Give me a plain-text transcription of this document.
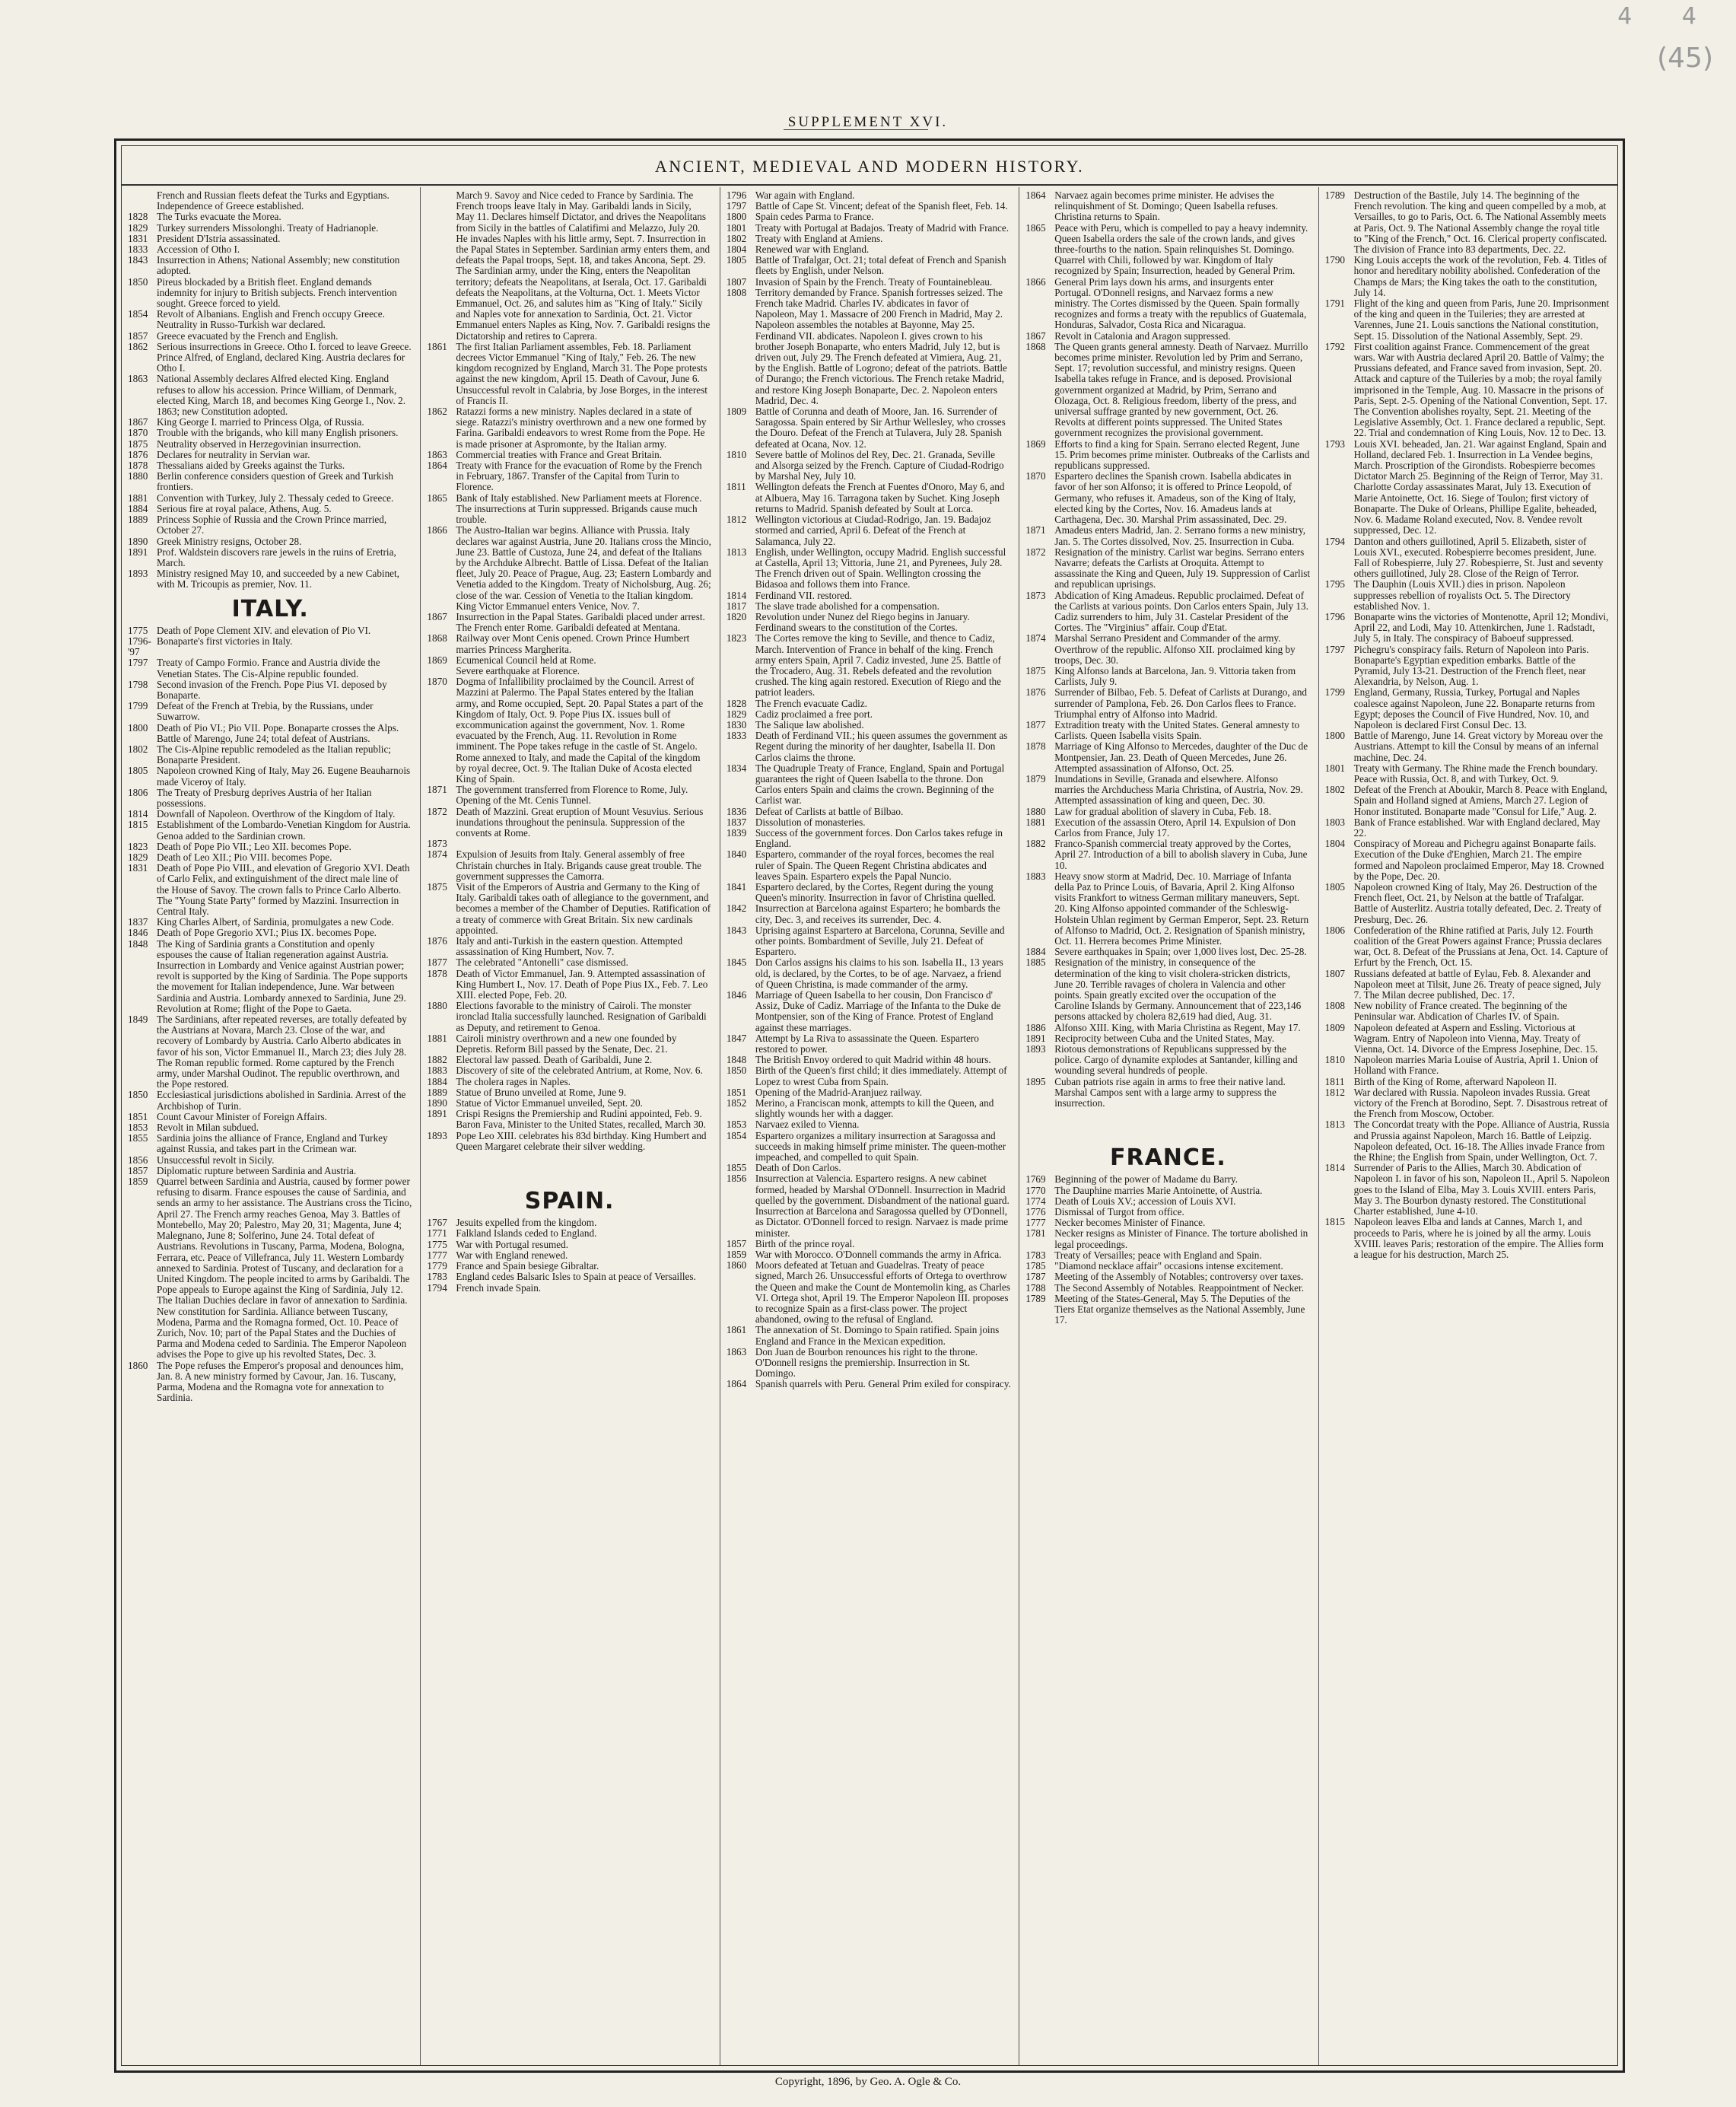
4 4
(45)
SUPPLEMENT XVI.
ANCIENT, MEDIEVAL AND MODERN HISTORY.
French and Russian fleets defeat the Turks and Egyptians.
Independence of Greece established.
1828 The Turks evacuate the Morea.
1829 Turkey surrenders Missolonghi. Treaty of Hadrianople.
1831 President D'Istria assassinated.
1833 Accession of Otho I.
1843 Insurrection in Athens; National Assembly; new constitution adopted.
1850 Pireus blockaded by a British fleet. England demands indemnity for injury to British subjects. French intervention sought. Greece forced to yield.
1854 Revolt of Albanians. English and French occupy Greece. Neutrality in Russo-Turkish war declared.
1857 Greece evacuated by the French and English.
1862 Serious insurrections in Greece. Otho I. forced to leave Greece. Prince Alfred, of England, declared King. Austria declares for Otho I.
1863 National Assembly declares Alfred elected King. England refuses to allow his accession. Prince William, of Denmark, elected King, March 18, and becomes King George I., Nov. 2. 1863; new Constitution adopted.
1867 King George I. married to Princess Olga, of Russia.
1870 Trouble with the brigands, who kill many English prisoners.
1875 Neutrality observed in Herzegovinian insurrection.
1876 Declares for neutrality in Servian war.
1878 Thessalians aided by Greeks against the Turks.
1880 Berlin conference considers question of Greek and Turkish frontiers.
1881 Convention with Turkey, July 2. Thessaly ceded to Greece.
1884 Serious fire at royal palace, Athens, Aug. 5.
1889 Princess Sophie of Russia and the Crown Prince married, October 27.
1890 Greek Ministry resigns, October 28.
1891 Prof. Waldstein discovers rare jewels in the ruins of Eretria, March.
1893 Ministry resigned May 10, and succeeded by a new Cabinet, with M. Tricoupis as premier, Nov. 11.
ITALY.
1775 Death of Pope Clement XIV. and elevation of Pio VI.
1796-'97
Bonaparte's first victories in Italy.
1797 Treaty of Campo Formio. France and Austria divide the Venetian States. The Cis-Alpine republic founded.
1798 Second invasion of the French. Pope Pius VI. deposed by Bonaparte.
1799 Defeat of the French at Trebia, by the Russians, under Suwarrow.
1800 Death of Pio VI.; Pio VII. Pope. Bonaparte crosses the Alps. Battle of Marengo, June 24; total defeat of Austrians.
1802 The Cis-Alpine republic remodeled as the Italian republic; Bonaparte President.
1805 Napoleon crowned King of Italy, May 26. Eugene Beauharnois made Viceroy of Italy.
1806 The Treaty of Presburg deprives Austria of her Italian possessions.
1814 Downfall of Napoleon. Overthrow of the Kingdom of Italy.
1815 Establishment of the Lombardo-Venetian Kingdom for Austria. Genoa added to the Sardinian crown.
1823 Death of Pope Pio VII.; Leo XII. becomes Pope.
1829 Death of Leo XII.; Pio VIII. becomes Pope.
1831 Death of Pope Pio VIII., and elevation of Gregorio XVI. Death of Carlo Felix, and extinguishment of the direct male line of the House of Savoy. The crown falls to Prince Carlo Alberto. The "Young State Party" formed by Mazzini. Insurrection in Central Italy.
1837 King Charles Albert, of Sardinia, promulgates a new Code.
1846 Death of Pope Gregorio XVI.; Pius IX. becomes Pope.
1848 The King of Sardinia grants a Constitution and openly espouses the cause of Italian regeneration against Austria. Insurrection in Lombardy and Venice against Austrian power; revolt is supported by the King of Sardinia. The Pope supports the movement for Italian independence, June. War between Sardinia and Austria. Lombardy annexed to Sardinia, June 29. Revolution at Rome; flight of the Pope to Gaeta.
1849 The Sardinians, after repeated reverses, are totally defeated by the Austrians at Novara, March 23. Close of the war, and recovery of Lombardy by Austria. Carlo Alberto abdicates in favor of his son, Victor Emmanuel II., March 23; dies July 28. The Roman republic formed. Rome captured by the French army, under Marshal Oudinot. The republic overthrown, and the Pope restored.
1850 Ecclesiastical jurisdictions abolished in Sardinia. Arrest of the Archbishop of Turin.
1851 Count Cavour Minister of Foreign Affairs.
1853 Revolt in Milan subdued.
1855 Sardinia joins the alliance of France, England and Turkey against Russia, and takes part in the Crimean war.
1856 Unsuccessful revolt in Sicily.
1857 Diplomatic rupture between Sardinia and Austria.
1859 Quarrel between Sardinia and Austria, caused by former power refusing to disarm. France espouses the cause of Sardinia, and sends an army to her assistance. The Austrians cross the Ticino, April 27. The French army reaches Genoa, May 3. Battles of Montebello, May 20; Palestro, May 20, 31; Magenta, June 4; Malegnano, June 8; Solferino, June 24. Total defeat of Austrians. Revolutions in Tuscany, Parma, Modena, Bologna, Ferrara, etc. Peace of Villefranca, July 11. Western Lombardy annexed to Sardinia. Protest of Tuscany, and declaration for a United Kingdom. The people incited to arms by Garibaldi. The Pope appeals to Europe against the King of Sardinia, July 12. The Italian Duchies declare in favor of annexation to Sardinia. New constitution for Sardinia. Alliance between Tuscany, Modena, Parma and the Romagna formed, Oct. 10. Peace of Zurich, Nov. 10; part of the Papal States and the Duchies of Parma and Modena ceded to Sardinia. The Emperor Napoleon advises the Pope to give up his revolted States, Dec. 3.
1860 The Pope refuses the Emperor's proposal and denounces him, Jan. 8. A new ministry formed by Cavour, Jan. 16. Tuscany, Parma, Modena and the Romagna vote for annexation to Sardinia.
March 9. Savoy and Nice ceded to France by Sardinia. The French troops leave Italy in May. Garibaldi lands in Sicily, May 11. Declares himself Dictator, and drives the Neapolitans from Sicily in the battles of Calatifimi and Melazzo, July 20. He invades Naples with his little army, Sept. 7. Insurrection in the Papal States in September. Sardinian army enters them, and defeats the Papal troops, Sept. 18, and takes Ancona, Sept. 29. The Sardinian army, under the King, enters the Neapolitan territory; defeats the Neapolitans, at Iserala, Oct. 17. Garibaldi defeats the Neapolitans, at the Volturna, Oct. 1. Meets Victor Emmanuel, Oct. 26, and salutes him as "King of Italy." Sicily and Naples vote for annexation to Sardinia, Oct. 21. Victor Emmanuel enters Naples as King, Nov. 7. Garibaldi resigns the Dictatorship and retires to Caprera.
1861 The first Italian Parliament assembles, Feb. 18. Parliament decrees Victor Emmanuel "King of Italy," Feb. 26. The new kingdom recognized by England, March 31. The Pope protests against the new kingdom, April 15. Death of Cavour, June 6. Unsuccessful revolt in Calabria, by Jose Borges, in the interest of Francis II.
1862 Ratazzi forms a new ministry. Naples declared in a state of siege. Ratazzi's ministry overthrown and a new one formed by Farina. Garibaldi endeavors to wrest Rome from the Pope. He is made prisoner at Aspromonte, by the Italian army.
1863 Commercial treaties with France and Great Britain.
1864 Treaty with France for the evacuation of Rome by the French in February, 1867. Transfer of the Capital from Turin to Florence.
1865 Bank of Italy established. New Parliament meets at Florence. The insurrections at Turin suppressed. Brigands cause much trouble.
1866 The Austro-Italian war begins. Alliance with Prussia. Italy declares war against Austria, June 20. Italians cross the Mincio, June 23. Battle of Custoza, June 24, and defeat of the Italians by the Archduke Albrecht. Battle of Lissa. Defeat of the Italian fleet, July 20. Peace of Prague, Aug. 23; Eastern Lombardy and Venetia added to the Kingdom. Treaty of Nicholsburg, Aug. 26; close of the war. Cession of Venetia to the Italian kingdom. King Victor Emmanuel enters Venice, Nov. 7.
1867 Insurrection in the Papal States. Garibaldi placed under arrest. The French enter Rome. Garibaldi defeated at Mentana.
1868 Railway over Mont Cenis opened. Crown Prince Humbert marries Princess Margherita.
1869 Ecumenical Council held at Rome.
Severe earthquake at Florence.
1870 Dogma of Infallibility proclaimed by the Council. Arrest of Mazzini at Palermo. The Papal States entered by the Italian army, and Rome occupied, Sept. 20. Papal States a part of the Kingdom of Italy, Oct. 9. Pope Pius IX. issues bull of excommunication against the government, Nov. 1. Rome evacuated by the French, Aug. 11. Revolution in Rome imminent. The Pope takes refuge in the castle of St. Angelo. Rome annexed to Italy, and made the Capital of the kingdom by royal decree, Oct. 9. The Italian Duke of Acosta elected King of Spain.
1871 The government transferred from Florence to Rome, July. Opening of the Mt. Cenis Tunnel.
1872 Death of Mazzini. Great eruption of Mount Vesuvius. Serious inundations throughout the peninsula. Suppression of the convents at Rome.
1873
1874 Expulsion of Jesuits from Italy. General assembly of free Christain churches in Italy. Brigands cause great trouble. The government suppresses the Camorra.
1875 Visit of the Emperors of Austria and Germany to the King of Italy. Garibaldi takes oath of allegiance to the government, and becomes a member of the Chamber of Deputies. Ratification of a treaty of commerce with Great Britain. Six new cardinals appointed.
1876 Italy and anti-Turkish in the eastern question. Attempted assassination of King Humbert, Nov. 7.
1877 The celebrated "Antonelli" case dismissed.
1878 Death of Victor Emmanuel, Jan. 9. Attempted assassination of King Humbert I., Nov. 17. Death of Pope Pius IX., Feb. 7. Leo XIII. elected Pope, Feb. 20.
1880 Elections favorable to the ministry of Cairoli. The monster ironclad Italia successfully launched. Resignation of Garibaldi as Deputy, and retirement to Genoa.
1881 Cairoli ministry overthrown and a new one founded by Depretis. Reform Bill passed by the Senate, Dec. 21.
1882 Electoral law passed. Death of Garibaldi, June 2.
1883 Discovery of site of the celebrated Antrium, at Rome, Nov. 6.
1884 The cholera rages in Naples.
1889 Statue of Bruno unveiled at Rome, June 9.
1890 Statue of Victor Emmanuel unveiled, Sept. 20.
1891 Crispi Resigns the Premiership and Rudini appointed, Feb. 9. Baron Fava, Minister to the United States, recalled, March 30.
1893 Pope Leo XIII. celebrates his 83d birthday. King Humbert and Queen Margaret celebrate their silver wedding.
SPAIN.
1767 Jesuits expelled from the kingdom.
1771 Falkland Islands ceded to England.
1775 War with Portugal resumed.
1777 War with England renewed.
1779 France and Spain besiege Gibraltar.
1783 England cedes Balsaric Isles to Spain at peace of Versailles.
1794 French invade Spain.
1796 War again with England.
1797 Battle of Cape St. Vincent; defeat of the Spanish fleet, Feb. 14.
1800 Spain cedes Parma to France.
1801 Treaty with Portugal at Badajos. Treaty of Madrid with France.
1802 Treaty with England at Amiens.
1804 Renewed war with England.
1805 Battle of Trafalgar, Oct. 21; total defeat of French and Spanish fleets by English, under Nelson.
1807 Invasion of Spain by the French. Treaty of Fountainebleau.
1808 Territory demanded by France. Spanish fortresses seized. The French take Madrid. Charles IV. abdicates in favor of Napoleon, May 1. Massacre of 200 French in Madrid, May 2. Napoleon assembles the notables at Bayonne, May 25. Ferdinand VII. abdicates. Napoleon I. gives crown to his brother Joseph Bonaparte, who enters Madrid, July 12, but is driven out, July 29. The French defeated at Vimiera, Aug. 21, by the English. Battle of Logrono; defeat of the patriots. Battle of Durango; the French victorious. The French retake Madrid, and restore King Joseph Bonaparte, Dec. 2. Napoleon enters Madrid, Dec. 4.
1809 Battle of Corunna and death of Moore, Jan. 16. Surrender of Saragossa. Spain entered by Sir Arthur Wellesley, who crosses the Douro. Defeat of the French at Tulavera, July 28. Spanish defeated at Ocana, Nov. 12.
1810 Severe battle of Molinos del Rey, Dec. 21. Granada, Seville and Alsorga seized by the French. Capture of Ciudad-Rodrigo by Marshal Ney, July 10.
1811 Wellington defeats the French at Fuentes d'Onoro, May 6, and at Albuera, May 16. Tarragona taken by Suchet. King Joseph returns to Madrid. Spanish defeated by Soult at Lorca.
1812 Wellington victorious at Ciudad-Rodrigo, Jan. 19. Badajoz stormed and carried, April 6. Defeat of the French at Salamanca, July 22.
1813 English, under Wellington, occupy Madrid. English successful at Castella, April 13; Vittoria, June 21, and Pyrenees, July 28. The French driven out of Spain. Wellington crossing the Bidasoa and follows them into France.
1814 Ferdinand VII. restored.
1817 The slave trade abolished for a compensation.
1820 Revolution under Nunez del Riego begins in January. Ferdinand swears to the constitution of the Cortes.
1823 The Cortes remove the king to Seville, and thence to Cadiz, March. Intervention of France in behalf of the king. French army enters Spain, April 7. Cadiz invested, June 25. Battle of the Trocadero, Aug. 31. Rebels defeated and the revolution crushed. The king again restored. Execution of Riego and the patriot leaders.
1828 The French evacuate Cadiz.
1829 Cadiz proclaimed a free port.
1830 The Salique law abolished.
1833 Death of Ferdinand VII.; his queen assumes the government as Regent during the minority of her daughter, Isabella II. Don Carlos claims the throne.
1834 The Quadruple Treaty of France, England, Spain and Portugal guarantees the right of Queen Isabella to the throne. Don Carlos enters Spain and claims the crown. Beginning of the Carlist war.
1836 Defeat of Carlists at battle of Bilbao.
1837 Dissolution of monasteries.
1839 Success of the government forces. Don Carlos takes refuge in England.
1840 Espartero, commander of the royal forces, becomes the real ruler of Spain. The Queen Regent Christina abdicates and leaves Spain. Espartero expels the Papal Nuncio.
1841 Espartero declared, by the Cortes, Regent during the young Queen's minority. Insurrection in favor of Christina quelled.
1842 Insurrection at Barcelona against Espartero; he bombards the city, Dec. 3, and receives its surrender, Dec. 4.
1843 Uprising against Espartero at Barcelona, Corunna, Seville and other points. Bombardment of Seville, July 21. Defeat of Espartero.
1845 Don Carlos assigns his claims to his son. Isabella II., 13 years old, is declared, by the Cortes, to be of age. Narvaez, a friend of Queen Christina, is made commander of the army.
1846 Marriage of Queen Isabella to her cousin, Don Francisco d' Assiz, Duke of Cadiz. Marriage of the Infanta to the Duke de Montpensier, son of the King of France. Protest of England against these marriages.
1847 Attempt by La Riva to assassinate the Queen. Espartero restored to power.
1848 The British Envoy ordered to quit Madrid within 48 hours.
1850 Birth of the Queen's first child; it dies immediately. Attempt of Lopez to wrest Cuba from Spain.
1851 Opening of the Madrid-Aranjuez railway.
1852 Merino, a Franciscan monk, attempts to kill the Queen, and slightly wounds her with a dagger.
1853 Narvaez exiled to Vienna.
1854 Espartero organizes a military insurrection at Saragossa and succeeds in making himself prime minister. The queen-mother impeached, and compelled to quit Spain.
1855 Death of Don Carlos.
1856 Insurrection at Valencia. Espartero resigns. A new cabinet formed, headed by Marshal O'Donnell. Insurrection in Madrid quelled by the government. Disbandment of the national guard. Insurrection at Barcelona and Saragossa quelled by O'Donnell, as Dictator. O'Donnell forced to resign. Narvaez is made prime minister.
1857 Birth of the prince royal.
1859 War with Morocco. O'Donnell commands the army in Africa.
1860 Moors defeated at Tetuan and Guadelras. Treaty of peace signed, March 26. Unsuccessful efforts of Ortega to overthrow the Queen and make the Count de Montemolin king, as Charles VI. Ortega shot, April 19. The Emperor Napoleon III. proposes to recognize Spain as a first-class power. The project abandoned, owing to the refusal of England.
1861 The annexation of St. Domingo to Spain ratified. Spain joins England and France in the Mexican expedition.
1863 Don Juan de Bourbon renounces his right to the throne. O'Donnell resigns the premiership. Insurrection in St. Domingo.
1864 Spanish quarrels with Peru. General Prim exiled for conspiracy.
1864 Narvaez again becomes prime minister. He advises the relinquishment of St. Domingo; Queen Isabella refuses. Christina returns to Spain.
1865 Peace with Peru, which is compelled to pay a heavy indemnity. Queen Isabella orders the sale of the crown lands, and gives three-fourths to the nation. Spain relinquishes St. Domingo. Quarrel with Chili, followed by war. Kingdom of Italy recognized by Spain; Insurrection, headed by General Prim.
1866 General Prim lays down his arms, and insurgents enter Portugal. O'Donnell resigns, and Narvaez forms a new ministry. The Cortes dismissed by the Queen. Spain formally recognizes and forms a treaty with the republics of Guatemala, Honduras, Salvador, Costa Rica and Nicaragua.
1867 Revolt in Catalonia and Aragon suppressed.
1868 The Queen grants general amnesty. Death of Narvaez. Murrillo becomes prime minister. Revolution led by Prim and Serrano, Sept. 17; revolution successful, and ministry resigns. Queen Isabella takes refuge in France, and is deposed. Provisional government organized at Madrid, by Prim, Serrano and Olozaga, Oct. 8. Religious freedom, liberty of the press, and universal suffrage granted by new government, Oct. 26. Revolts at different points suppressed. The United States government recognizes the provisional government.
1869 Efforts to find a king for Spain. Serrano elected Regent, June 15. Prim becomes prime minister. Outbreaks of the Carlists and republicans suppressed.
1870 Espartero declines the Spanish crown. Isabella abdicates in favor of her son Alfonso; it is offered to Prince Leopold, of Germany, who refuses it. Amadeus, son of the King of Italy, elected king by the Cortes, Nov. 16. Amadeus lands at Carthagena, Dec. 30. Marshal Prim assassinated, Dec. 29.
1871 Amadeus enters Madrid, Jan. 2. Serrano forms a new ministry, Jan. 5. The Cortes dissolved, Nov. 25. Insurrection in Cuba.
1872 Resignation of the ministry. Carlist war begins. Serrano enters Navarre; defeats the Carlists at Oroquita. Attempt to assassinate the King and Queen, July 19. Suppression of Carlist and republican uprisings.
1873 Abdication of King Amadeus. Republic proclaimed. Defeat of the Carlists at various points. Don Carlos enters Spain, July 13. Cadiz surrenders to him, July 31. Castelar President of the Cortes. The "Virginius" affair. Coup d'Etat.
1874 Marshal Serrano President and Commander of the army. Overthrow of the republic. Alfonso XII. proclaimed king by troops, Dec. 30.
1875 King Alfonso lands at Barcelona, Jan. 9. Vittoria taken from Carlists, July 9.
1876 Surrender of Bilbao, Feb. 5. Defeat of Carlists at Durango, and surrender of Pamplona, Feb. 26. Don Carlos flees to France. Triumphal entry of Alfonso into Madrid.
1877 Extradition treaty with the United States. General amnesty to Carlists. Queen Isabella visits Spain.
1878 Marriage of King Alfonso to Mercedes, daughter of the Duc de Montpensier, Jan. 23. Death of Queen Mercedes, June 26. Attempted assassination of Alfonso, Oct. 25.
1879 Inundations in Seville, Granada and elsewhere. Alfonso marries the Archduchess Maria Christina, of Austria, Nov. 29. Attempted assassination of king and queen, Dec. 30.
1880 Law for gradual abolition of slavery in Cuba, Feb. 18.
1881 Execution of the assassin Otero, April 14. Expulsion of Don Carlos from France, July 17.
1882 Franco-Spanish commercial treaty approved by the Cortes, April 27. Introduction of a bill to abolish slavery in Cuba, June 10.
1883 Heavy snow storm at Madrid, Dec. 10. Marriage of Infanta della Paz to Prince Louis, of Bavaria, April 2. King Alfonso visits Frankfort to witness German military maneuvers, Sept. 20. King Alfonso appointed commander of the Schleswig-Holstein Uhlan regiment by German Emperor, Sept. 23. Return of Alfonso to Madrid, Oct. 2. Resignation of Spanish ministry, Oct. 11. Herrera becomes Prime Minister.
1884 Severe earthquakes in Spain; over 1,000 lives lost, Dec. 25-28.
1885 Resignation of the ministry, in consequence of the determination of the king to visit cholera-stricken districts, June 20. Terrible ravages of cholera in Valencia and other points. Spain greatly excited over the occupation of the Caroline Islands by Germany. Announcement that of 223,146 persons attacked by cholera 82,619 had died, Aug. 31.
1886 Alfonso XIII. King, with Maria Christina as Regent, May 17.
1891 Reciprocity between Cuba and the United States, May.
1893 Riotous demonstrations of Republicans suppressed by the police. Cargo of dynamite explodes at Santander, killing and wounding several hundreds of people.
1895 Cuban patriots rise again in arms to free their native land. Marshal Campos sent with a large army to suppress the insurrection.
FRANCE.
1769 Beginning of the power of Madame du Barry.
1770 The Dauphine marries Marie Antoinette, of Austria.
1774 Death of Louis XV.; accession of Louis XVI.
1776 Dismissal of Turgot from office.
1777 Necker becomes Minister of Finance.
1781 Necker resigns as Minister of Finance. The torture abolished in legal proceedings.
1783 Treaty of Versailles; peace with England and Spain.
1785 "Diamond necklace affair" occasions intense excitement.
1787 Meeting of the Assembly of Notables; controversy over taxes.
1788 The Second Assembly of Notables. Reappointment of Necker.
1789 Meeting of the States-General, May 5. The Deputies of the Tiers Etat organize themselves as the National Assembly, June 17.
1789 Destruction of the Bastile, July 14. The beginning of the French revolution. The king and queen compelled by a mob, at Versailles, to go to Paris, Oct. 6. The National Assembly meets at Paris, Oct. 9. The National Assembly change the royal title to "King of the French," Oct. 16. Clerical property confiscated. The division of France into 83 departments, Dec. 22.
1790 King Louis accepts the work of the revolution, Feb. 4. Titles of honor and hereditary nobility abolished. Confederation of the Champs de Mars; the King takes the oath to the constitution, July 14.
1791 Flight of the king and queen from Paris, June 20. Imprisonment of the king and queen in the Tuileries; they are arrested at Varennes, June 21. Louis sanctions the National constitution, Sept. 15. Dissolution of the National Assembly, Sept. 29.
1792 First coalition against France. Commencement of the great wars. War with Austria declared April 20. Battle of Valmy; the Prussians defeated, and France saved from invasion, Sept. 20. Attack and capture of the Tuileries by a mob; the royal family imprisoned in the Temple, Aug. 10. Massacre in the prisons of Paris, Sept. 2-5. Opening of the National Convention, Sept. 17. The Convention abolishes royalty, Sept. 21. Meeting of the Legislative Assembly, Oct. 1. France declared a republic, Sept. 22. Trial and condemnation of King Louis, Nov. 12 to Dec. 13.
1793 Louis XVI. beheaded, Jan. 21. War against England, Spain and Holland, declared Feb. 1. Insurrection in La Vendee begins, March. Proscription of the Girondists. Robespierre becomes Dictator March 25. Beginning of the Reign of Terror, May 31. Charlotte Corday assassinates Marat, July 13. Execution of Marie Antoinette, Oct. 16. Siege of Toulon; first victory of Bonaparte. The Duke of Orleans, Phillipe Egalite, beheaded, Nov. 6. Madame Roland executed, Nov. 8. Vendee revolt suppressed, Dec. 12.
1794 Danton and others guillotined, April 5. Elizabeth, sister of Louis XVI., executed. Robespierre becomes president, June. Fall of Robespierre, July 27. Robespierre, St. Just and seventy others guillotined, July 28. Close of the Reign of Terror.
1795 The Dauphin (Louis XVII.) dies in prison. Napoleon suppresses rebellion of royalists Oct. 5. The Directory established Nov. 1.
1796 Bonaparte wins the victories of Montenotte, April 12; Mondivi, April 22, and Lodi, May 10. Attenkirchen, June 1. Radstadt, July 5, in Italy. The conspiracy of Baboeuf suppressed.
1797 Pichegru's conspiracy fails. Return of Napoleon into Paris. Bonaparte's Egyptian expedition embarks. Battle of the Pyramid, July 13-21. Destruction of the French fleet, near Alexandria, by Nelson, Aug. 1.
1799 England, Germany, Russia, Turkey, Portugal and Naples coalesce against Napoleon, June 22. Bonaparte returns from Egypt; deposes the Council of Five Hundred, Nov. 10, and Napoleon is declared First Consul Dec. 13.
1800 Battle of Marengo, June 14. Great victory by Moreau over the Austrians. Attempt to kill the Consul by means of an infernal machine, Dec. 24.
1801 Treaty with Germany. The Rhine made the French boundary. Peace with Russia, Oct. 8, and with Turkey, Oct. 9.
1802 Defeat of the French at Aboukir, March 8. Peace with England, Spain and Holland signed at Amiens, March 27. Legion of Honor instituted. Bonaparte made "Consul for Life," Aug. 2.
1803 Bank of France established. War with England declared, May 22.
1804 Conspiracy of Moreau and Pichegru against Bonaparte fails. Execution of the Duke d'Enghien, March 21. The empire formed and Napoleon proclaimed Emperor, May 18. Crowned by the Pope, Dec. 20.
1805 Napoleon crowned King of Italy, May 26. Destruction of the French fleet, Oct. 21, by Nelson at the battle of Trafalgar. Battle of Austerlitz. Austria totally defeated, Dec. 2. Treaty of Presburg, Dec. 26.
1806 Confederation of the Rhine ratified at Paris, July 12. Fourth coalition of the Great Powers against France; Prussia declares war, Oct. 8. Defeat of the Prussians at Jena, Oct. 14. Capture of Erfurt by the French, Oct. 15.
1807 Russians defeated at battle of Eylau, Feb. 8. Alexander and Napoleon meet at Tilsit, June 26. Treaty of peace signed, July 7. The Milan decree published, Dec. 17.
1808 New nobility of France created. The beginning of the Peninsular war. Abdication of Charles IV. of Spain.
1809 Napoleon defeated at Aspern and Essling. Victorious at Wagram. Entry of Napoleon into Vienna, May. Treaty of Vienna, Oct. 14. Divorce of the Empress Josephine, Dec. 15.
1810 Napoleon marries Maria Louise of Austria, April 1. Union of Holland with France.
1811 Birth of the King of Rome, afterward Napoleon II.
1812 War declared with Russia. Napoleon invades Russia. Great victory of the French at Borodino, Sept. 7. Disastrous retreat of the French from Moscow, October.
1813 The Concordat treaty with the Pope. Alliance of Austria, Russia and Prussia against Napoleon, March 16. Battle of Leipzig. Napoleon defeated, Oct. 16-18. The Allies invade France from the Rhine; the English from Spain, under Wellington, Oct. 7.
1814 Surrender of Paris to the Allies, March 30. Abdication of Napoleon I. in favor of his son, Napoleon II., April 5. Napoleon goes to the Island of Elba, May 3. Louis XVIII. enters Paris, May 3. The Bourbon dynasty restored. The Constitutional Charter established, June 4-10.
1815 Napoleon leaves Elba and lands at Cannes, March 1, and proceeds to Paris, where he is joined by all the army. Louis XVIII. leaves Paris; restoration of the empire. The Allies form a league for his destruction, March 25.
Copyright, 1896, by Geo. A. Ogle & Co.
